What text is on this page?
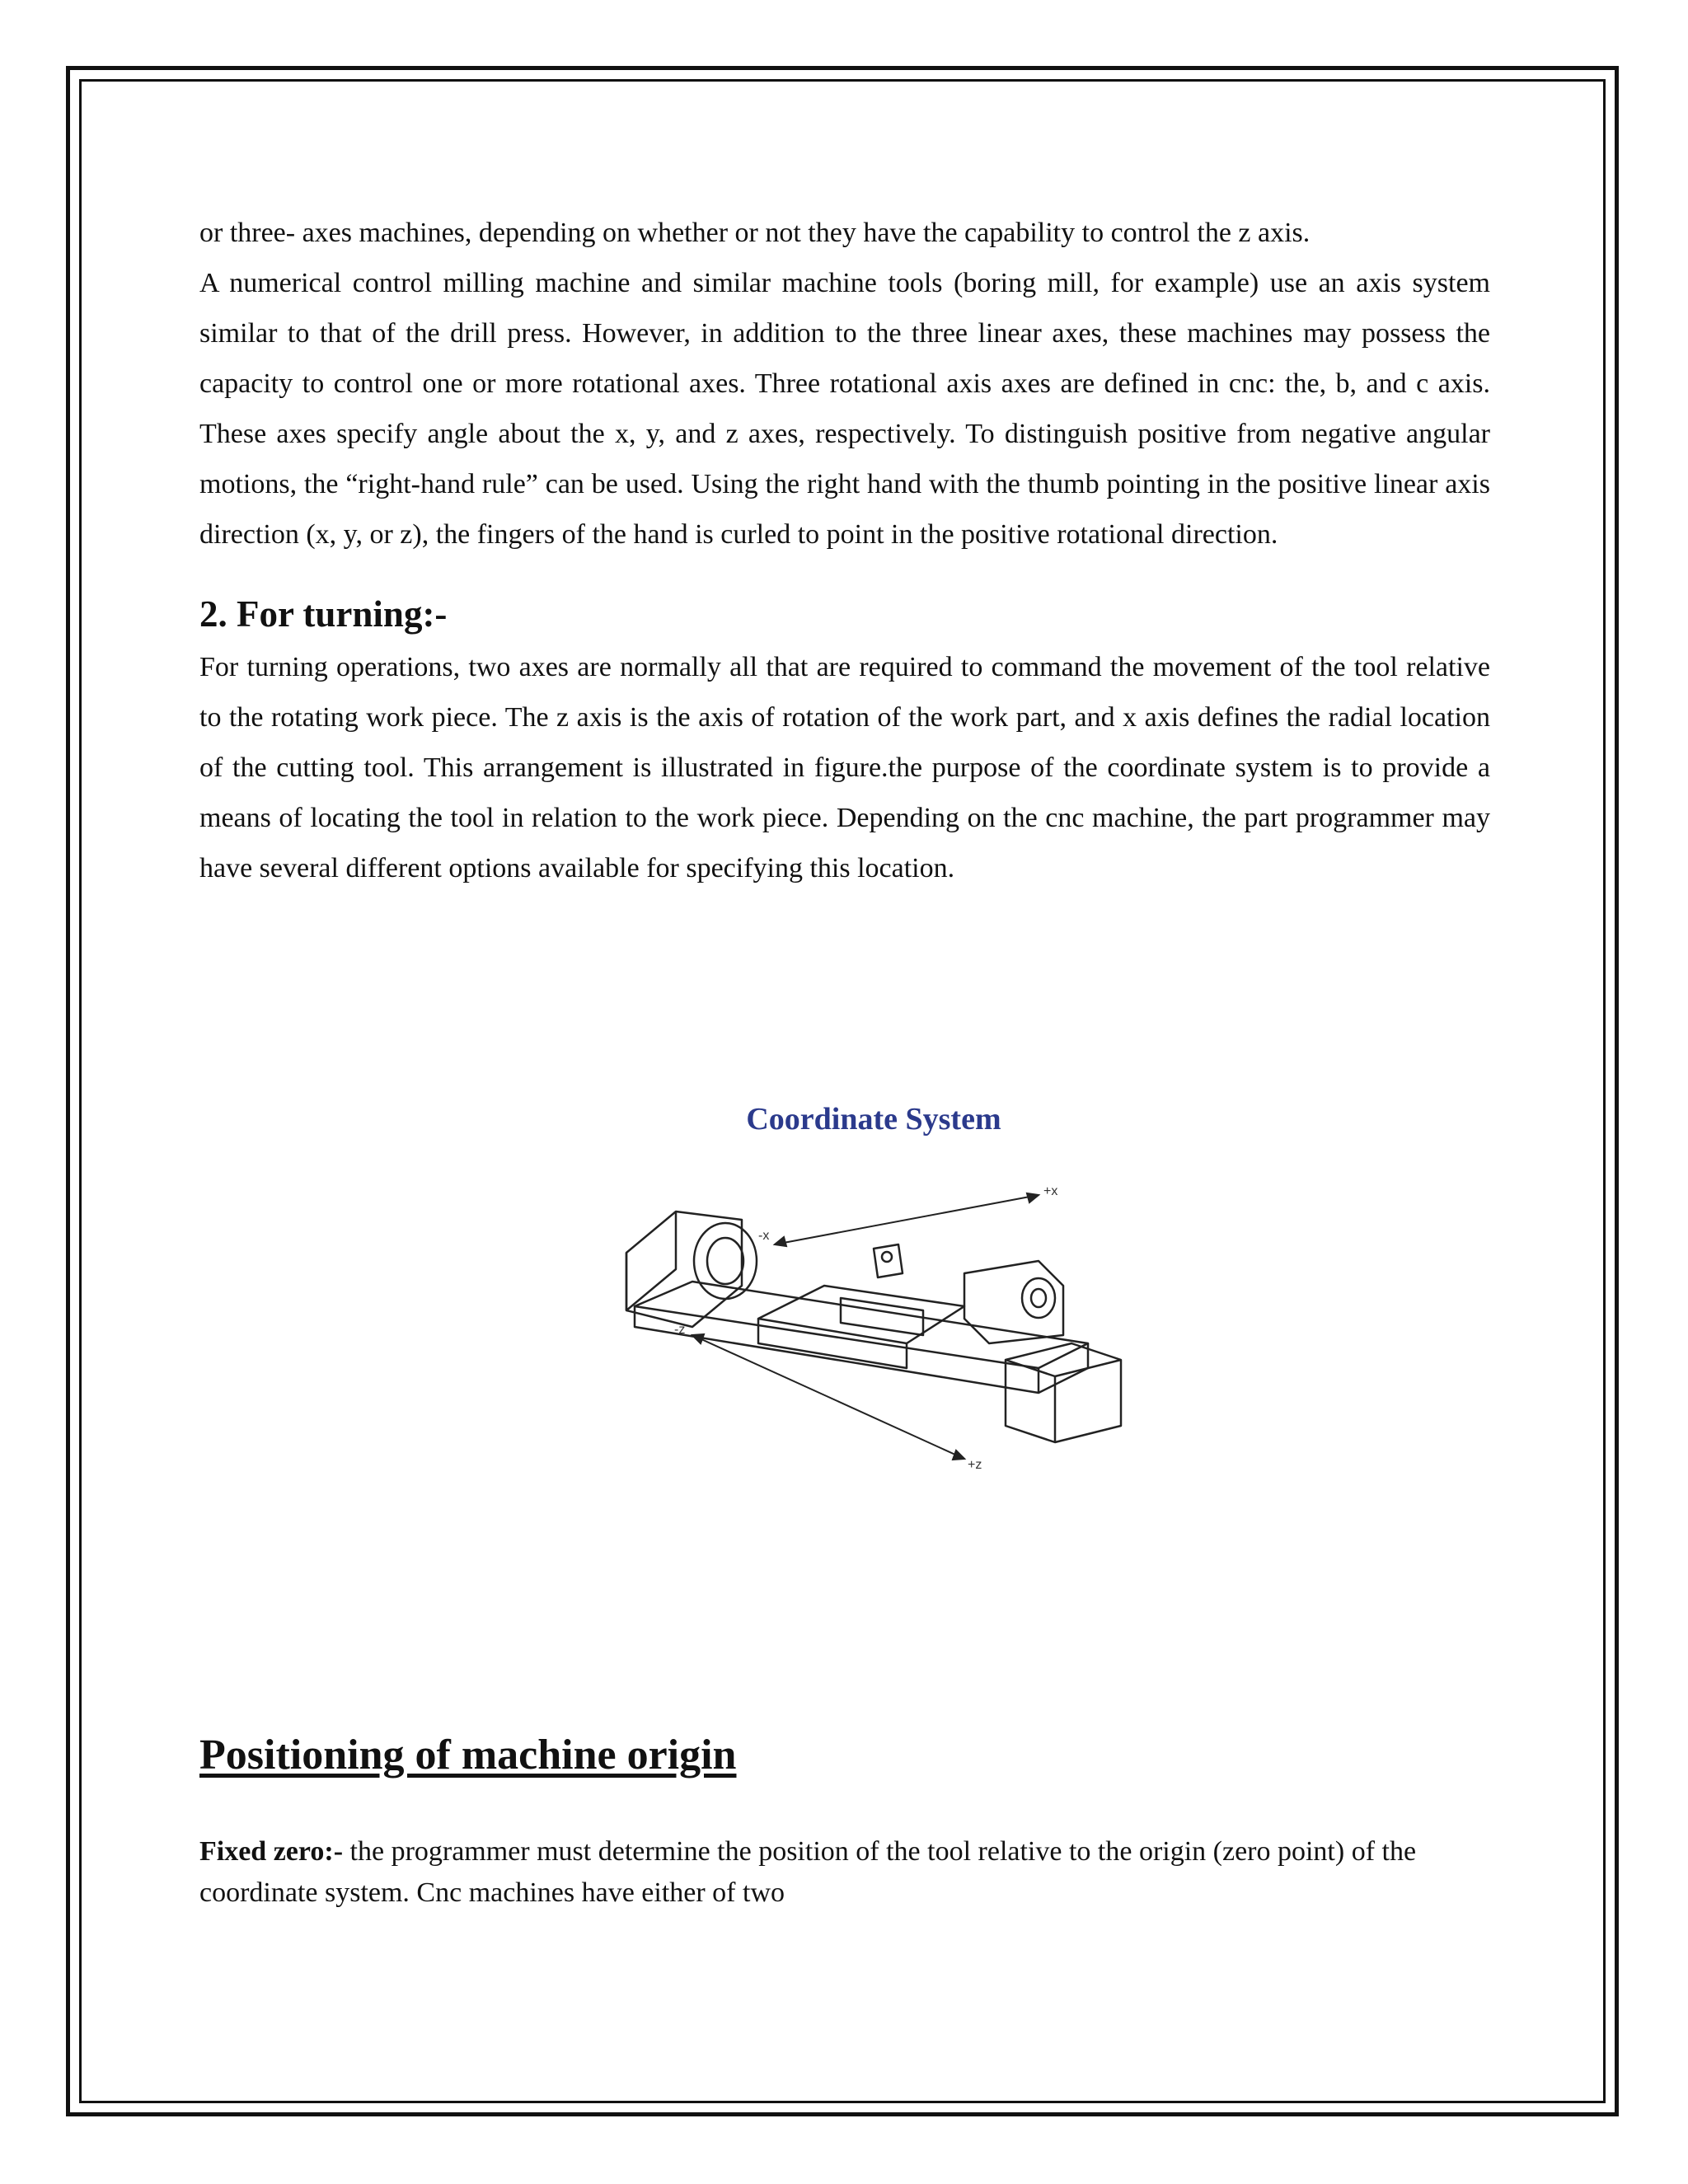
or three- axes machines, depending on whether or not they have the capability to control the z axis.

A numerical control milling machine and similar machine tools (boring mill, for example) use an axis system similar to that of the drill press. However, in addition to the three linear axes, these machines may possess the capacity to control one or more rotational axes. Three rotational axis axes are defined in cnc: the, b, and c axis. These axes specify angle about the x, y, and z axes, respectively. To distinguish positive from negative angular motions, the “right-hand rule” can be used. Using the right hand with the thumb pointing in the positive linear axis direction (x, y, or z), the fingers of the hand is curled to point in the positive rotational direction.

2. For turning:-

For turning operations, two axes are normally all that are required to command the movement of the tool relative to the rotating work piece. The z axis is the axis of rotation of the work part, and x axis defines the radial location of the cutting tool. This arrangement is illustrated in figure.the purpose of the coordinate system is to provide a means of locating the tool in relation to the work piece. Depending on the cnc machine, the part programmer may have several different options available for specifying this location.

Coordinate System
+x
-x
-z
+z
Positioning of machine origin

Fixed zero:- the programmer must determine the position of the tool relative to the origin (zero point) of the coordinate system. Cnc machines have either of two
